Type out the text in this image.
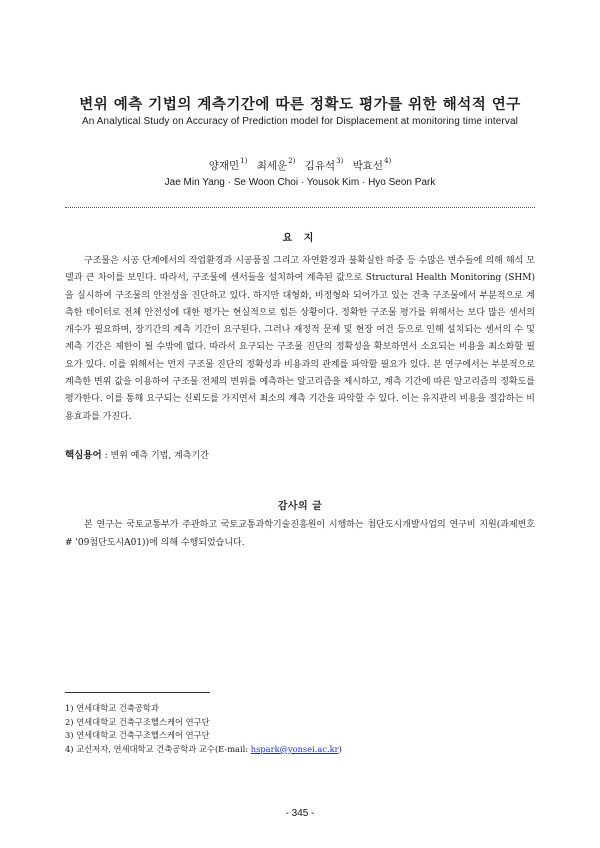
변위 예측 기법의 계측기간에 따른 정확도 평가를 위한 해석적 연구
An Analytical Study on Accuracy of Prediction model for Displacement at monitoring time interval
양재민$^{1)}$ 최세운$^{2)}$ 김유석$^{3)}$ 박효선$^{4)}$
Jae Min Yang · Se Woon Choi · Yousok Kim · Hyo Seon Park
요 지

구조물은 시공 단계에서의 작업환경과 시공품질 그리고 자연환경과 불확실한 하중 등 수많은 변수들에 의해 해석 모델과 큰 차이를 보인다. 따라서, 구조물에 센서들을 설치하여 계측된 값으로 Structural Health Monitoring (SHM)을 실시하여 구조물의 안전성을 진단하고 있다. 하지만 대형화, 비정형화 되어가고 있는 건축 구조물에서 부분적으로 계측한 데이터로 전체 안전성에 대한 평가는 현실적으로 힘든 상황이다. 정확한 구조물 평가를 위해서는 보다 많은 센서의 개수가 필요하며, 장기간의 계측 기간이 요구된다. 그러나 재정적 문제 및 현장 여건 등으로 인해 설치되는 센서의 수 및 계측 기간은 제한이 될 수밖에 없다. 따라서 요구되는 구조물 진단의 정확성을 확보하면서 소요되는 비용을 최소화할 필요가 있다. 이를 위해서는 먼저 구조물 진단의 정확성과 비용과의 관계를 파악할 필요가 있다. 본 연구에서는 부분적으로 계측한 변위 값을 이용하여 구조물 전체의 변위를 예측하는 알고리즘을 제시하고, 계측 기간에 따른 알고리즘의 정확도를 평가한다. 이를 통해 요구되는 신뢰도를 가지면서 최소의 계측 기간을 파악할 수 있다. 이는 유지관리 비용을 절감하는 비용효과를 가진다.

핵심용어 : 변위 예측 기법, 계측기간
감사의 글

본 연구는 국토교통부가 주관하고 국토교통과학기술진흥원이 시행하는 첨단도시개발사업의 연구비 지원(과제번호# '09첨단도시A01))에 의해 수행되었습니다.

1) 연세대학교 건축공학과
2) 연세대학교 건축구조헬스케어 연구단
3) 연세대학교 건축구조헬스케어 연구단
4) 교신저자, 연세대학교 건축공학과 교수(E-mail: hspark@yonsei.ac.kr)
- 345 -
